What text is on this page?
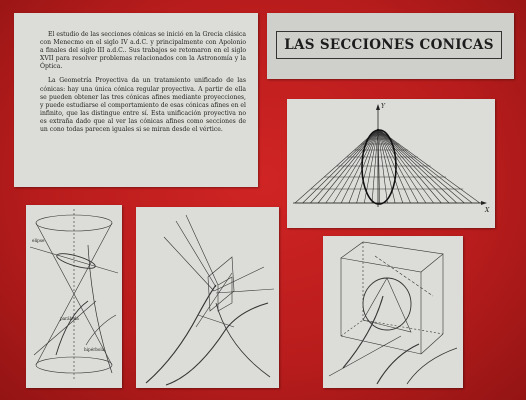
El estudio de las secciones cónicas se inició en la Grecia clásica con Menecmo en el siglo IV a.d.C. y principalmente con Apolonio a finales del siglo III a.d.C.. Sus trabajos se retomaron en el siglo XVII para resolver problemas relacionados con la Astronomía y la Óptica.

La Geometría Proyectiva da un tratamiento unificado de las cónicas: hay una única cónica regular proyectiva. A partir de ella se pueden obtener las tres cónicas afines mediante proyecciones, y puede estudiarse el comportamiento de esas cónicas afines en el infinito, que las distingue entre sí. Esta unificación proyectiva no es extraña dado que al ver las cónicas afines como secciones de un cono todas parecen iguales si se miran desde el vértice.

LAS SECCIONES CONICAS
Y
X
elipse
parábola
hipérbola
